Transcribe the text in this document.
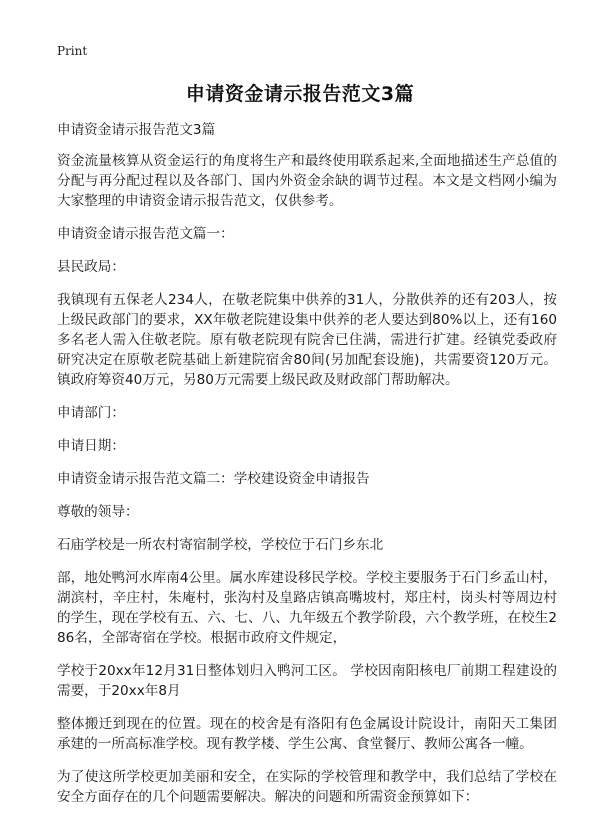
Print
申请资金请示报告范文3篇

申请资金请示报告范文3篇

资金流量核算从资金运行的角度将生产和最终使用联系起来,全面地描述生产总值的分配与再分配过程以及各部门、国内外资金余缺的调节过程。本文是文档网小编为大家整理的申请资金请示报告范文，仅供参考。

申请资金请示报告范文篇一：

县民政局：

我镇现有五保老人234人，在敬老院集中供养的31人，分散供养的还有203人，按上级民政部门的要求，XX年敬老院建设集中供养的老人要达到80%以上，还有160多名老人需入住敬老院。原有敬老院现有院舍已住满，需进行扩建。经镇党委政府研究决定在原敬老院基础上新建院宿舍80间(另加配套设施)，共需要资120万元。镇政府筹资40万元，另80万元需要上级民政及财政部门帮助解决。

申请部门：

申请日期：

申请资金请示报告范文篇二：学校建设资金申请报告

尊敬的领导：

石庙学校是一所农村寄宿制学校，学校位于石门乡东北

部，地处鸭河水库南4公里。属水库建设移民学校。学校主要服务于石门乡孟山村，湖滨村，辛庄村，朱庵村，张沟村及皇路店镇高嘴坡村，郑庄村，岗头村等周边村的学生，现在学校有五、六、七、八、九年级五个教学阶段，六个教学班，在校生286名，全部寄宿在学校。根据市政府文件规定，

学校于20xx年12月31日整体划归入鸭河工区。 学校因南阳核电厂前期工程建设的需要，于20xx年8月

整体搬迁到现在的位置。现在的校舍是有洛阳有色金属设计院设计，南阳天工集团承建的一所高标准学校。现有教学楼、学生公寓、食堂餐厅、教师公寓各一幢。

为了使这所学校更加美丽和安全，在实际的学校管理和教学中，我们总结了学校在安全方面存在的几个问题需要解决。解决的问题和所需资金预算如下：
